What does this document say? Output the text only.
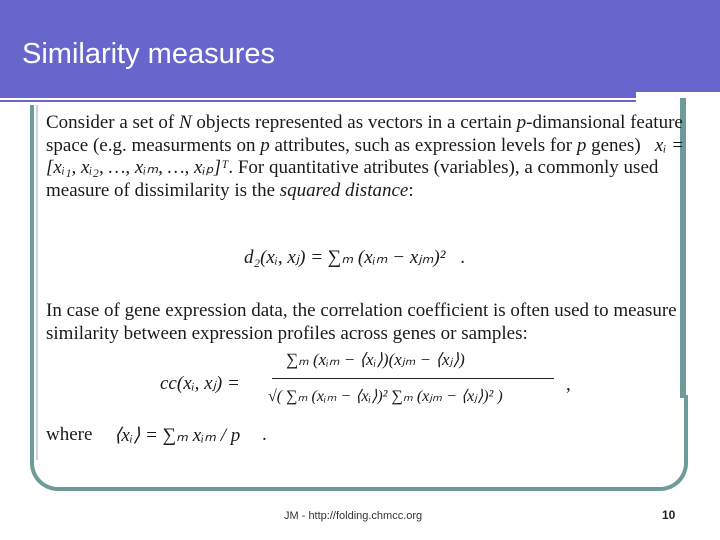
Similarity measures

Consider a set of N objects represented as vectors in a certain p-dimansional feature space (e.g. measurments on p attributes, such as expression levels for p genes) xᵢ = [xᵢ₁, xᵢ₂, …, xᵢₘ, …, xᵢₚ]ᵀ. For quantitative atributes (variables), a commonly used measure of dissimilarity is the squared distance:

d₂(xᵢ, xⱼ) = ∑ₘ (xᵢₘ − xⱼₘ)² .

In case of gene expression data, the correlation coefficient is often used to measure similarity between expression profiles across genes or samples:

cc(xᵢ, xⱼ) =
∑ₘ (xᵢₘ − ⟨xᵢ⟩)(xⱼₘ − ⟨xⱼ⟩)
√( ∑ₘ (xᵢₘ − ⟨xᵢ⟩)² ∑ₘ (xⱼₘ − ⟨xⱼ⟩)² )
,
where ⟨xᵢ⟩ = ∑ₘ xᵢₘ / p .
JM - http://folding.chmcc.org	10
